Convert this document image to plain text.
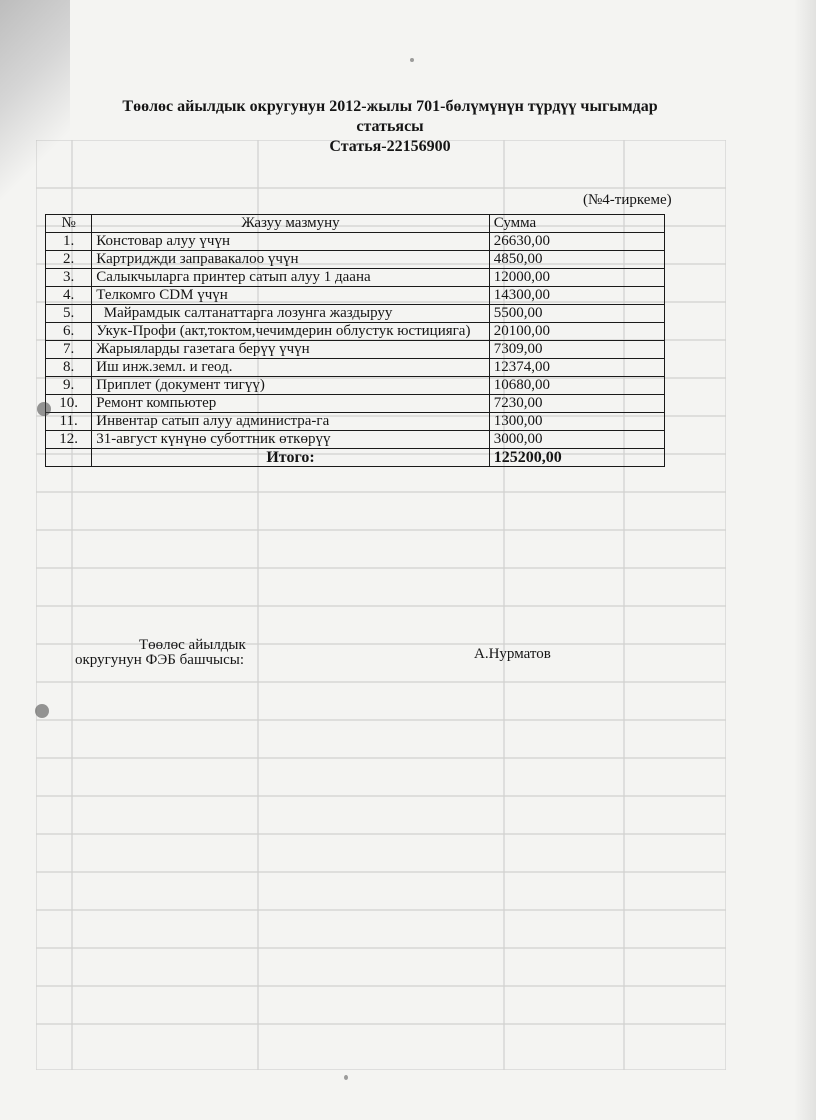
Төөлөс айылдык округунун 2012-жылы 701-бөлүмүнүн түрдүү чыгымдар
статьясы
Статья-22156900
(№4-тиркеме)
№	Жазуу мазмуну	Сумма
1.	Констовар алуу үчүн	26630,00
2.	Картриджди заправакалоо үчүн	4850,00
3.	Салыкчыларга принтер сатып алуу 1 даана	12000,00
4.	Телкомго CDM үчүн	14300,00
5.	Майрамдык салтанаттарга лозунга жаздыруу	5500,00
6.	Укук-Профи (акт,токтом,чечимдерин облустук юстицияга)	20100,00
7.	Жарыяларды газетага берүү үчүн	7309,00
8.	Иш инж.земл. и геод.	12374,00
9.	Приплет (документ тигүү)	10680,00
10.	Ремонт компьютер	7230,00
11.	Инвентар сатып алуу администра-га	1300,00
12.	31-август күнүнө суботтник өткөрүү	3000,00
	Итого:	125200,00
Төөлөс айылдык
округунун ФЭБ башчысы:	А.Нурматов
